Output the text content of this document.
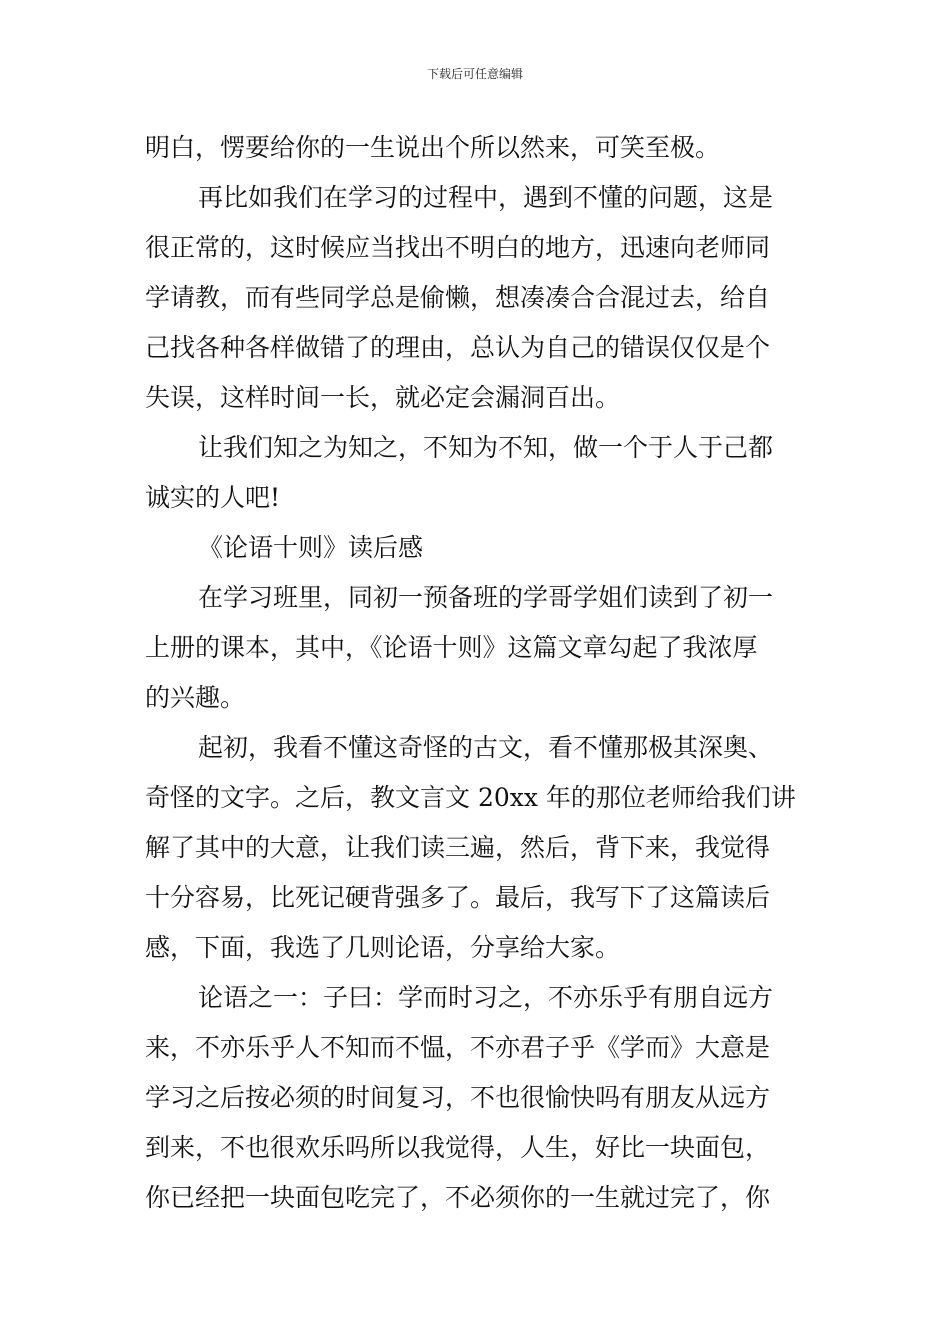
下载后可任意编辑
明白，愣要给你的一生说出个所以然来，可笑至极。
再比如我们在学习的过程中，遇到不懂的问题，这是
很正常的，这时候应当找出不明白的地方，迅速向老师同
学请教，而有些同学总是偷懒，想凑凑合合混过去，给自
己找各种各样做错了的理由，总认为自己的错误仅仅是个
失误，这样时间一长，就必定会漏洞百出。
让我们知之为知之，不知为不知，做一个于人于己都
诚实的人吧!
《论语十则》读后感
在学习班里，同初一预备班的学哥学姐们读到了初一
上册的课本，其中，《论语十则》这篇文章勾起了我浓厚
的兴趣。
起初，我看不懂这奇怪的古文，看不懂那极其深奥、
奇怪的文字。之后，教文言文 20xx 年的那位老师给我们讲
解了其中的大意，让我们读三遍，然后，背下来，我觉得
十分容易，比死记硬背强多了。最后，我写下了这篇读后
感，下面，我选了几则论语，分享给大家。
论语之一：子曰：学而时习之，不亦乐乎有朋自远方
来，不亦乐乎人不知而不愠，不亦君子乎《学而》大意是
学习之后按必须的时间复习，不也很愉快吗有朋友从远方
到来，不也很欢乐吗所以我觉得，人生，好比一块面包，
你已经把一块面包吃完了，不必须你的一生就过完了，你
